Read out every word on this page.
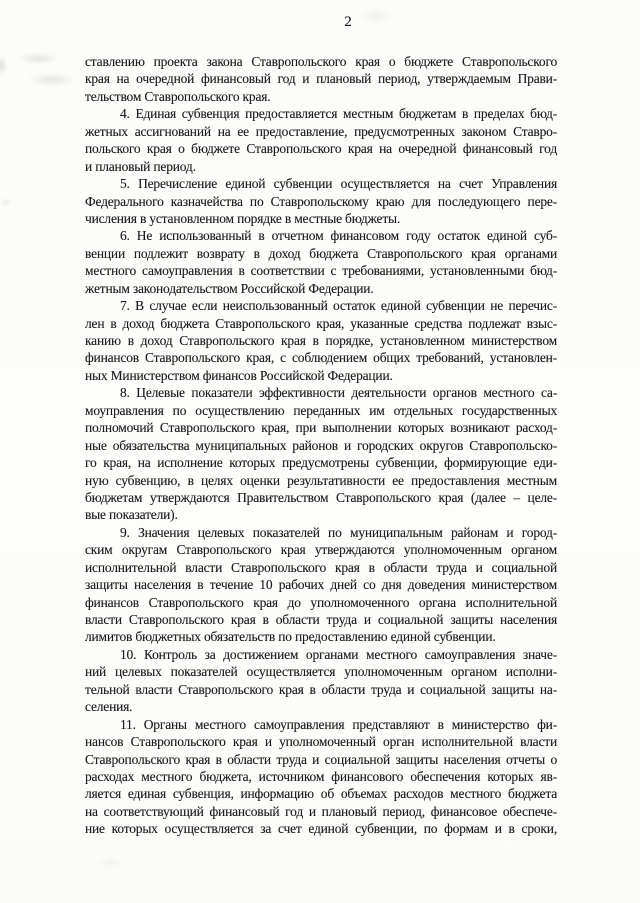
2
ставлению проекта закона Ставропольского края о бюджете Ставропольского
края на очередной финансовый год и плановый период, утверждаемым Прави-
тельством Ставропольского края.
4. Единая субвенция предоставляется местным бюджетам в пределах бюд-
жетных ассигнований на ее предоставление, предусмотренных законом Ставро-
польского края о бюджете Ставропольского края на очередной финансовый год
и плановый период.
5. Перечисление единой субвенции осуществляется на счет Управления
Федерального казначейства по Ставропольскому краю для последующего пере-
числения в установленном порядке в местные бюджеты.
6. Не использованный в отчетном финансовом году остаток единой суб-
венции подлежит возврату в доход бюджета Ставропольского края органами
местного самоуправления в соответствии с требованиями, установленными бюд-
жетным законодательством Российской Федерации.
7. В случае если неиспользованный остаток единой субвенции не перечис-
лен в доход бюджета Ставропольского края, указанные средства подлежат взыс-
канию в доход Ставропольского края в порядке, установленном министерством
финансов Ставропольского края, с соблюдением общих требований, установлен-
ных Министерством финансов Российской Федерации.
8. Целевые показатели эффективности деятельности органов местного са-
моуправления по осуществлению переданных им отдельных государственных
полномочий Ставропольского края, при выполнении которых возникают расход-
ные обязательства муниципальных районов и городских округов Ставропольско-
го края, на исполнение которых предусмотрены субвенции, формирующие еди-
ную субвенцию, в целях оценки результативности ее предоставления местным
бюджетам утверждаются Правительством Ставропольского края (далее – целе-
вые показатели).
9. Значения целевых показателей по муниципальным районам и город-
ским округам Ставропольского края утверждаются уполномоченным органом
исполнительной власти Ставропольского края в области труда и социальной
защиты населения в течение 10 рабочих дней со дня доведения министерством
финансов Ставропольского края до уполномоченного органа исполнительной
власти Ставропольского края в области труда и социальной защиты населения
лимитов бюджетных обязательств по предоставлению единой субвенции.
10. Контроль за достижением органами местного самоуправления значе-
ний целевых показателей осуществляется уполномоченным органом исполни-
тельной власти Ставропольского края в области труда и социальной защиты на-
селения.
11. Органы местного самоуправления представляют в министерство фи-
нансов Ставропольского края и уполномоченный орган исполнительной власти
Ставропольского края в области труда и социальной защиты населения отчеты о
расходах местного бюджета, источником финансового обеспечения которых яв-
ляется единая субвенция, информацию об объемах расходов местного бюджета
на соответствующий финансовый год и плановый период, финансовое обеспече-
ние которых осуществляется за счет единой субвенции, по формам и в сроки,
